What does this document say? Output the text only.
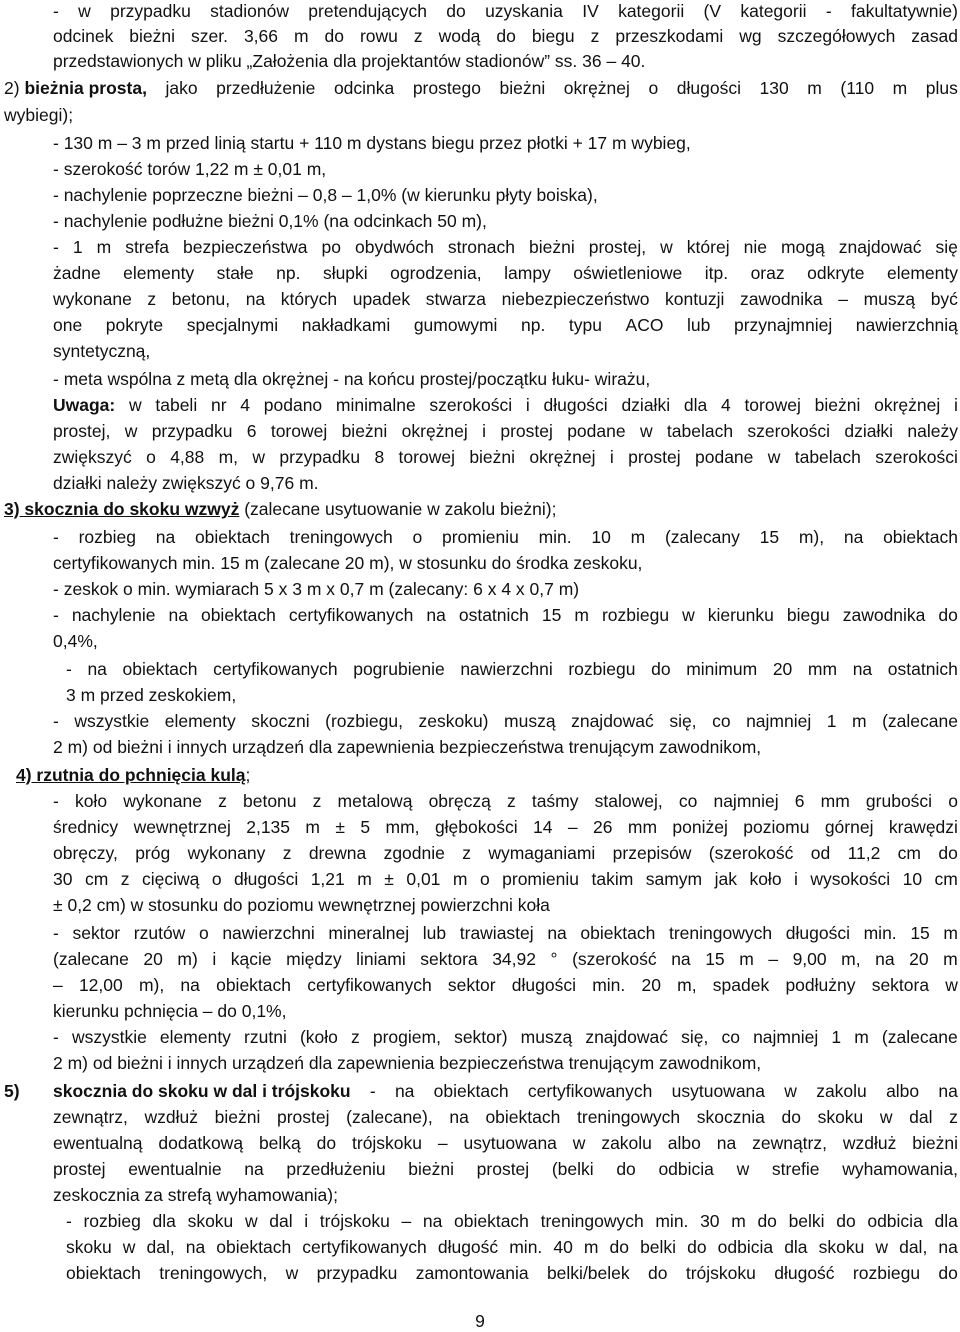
- w przypadku stadionów pretendujących do uzyskania IV kategorii (V kategorii - fakultatywnie)
odcinek bieżni szer. 3,66 m do rowu z wodą do biegu z przeszkodami wg szczegółowych zasad
przedstawionych w pliku „Założenia dla projektantów stadionów” ss. 36 – 40.
2) bieżnia prosta, jako przedłużenie odcinka prostego bieżni okrężnej o długości 130 m (110 m plus
wybiegi);
- 130 m – 3 m przed linią startu + 110 m dystans biegu przez płotki + 17 m wybieg,
- szerokość torów 1,22 m ± 0,01 m,
- nachylenie poprzeczne bieżni – 0,8 – 1,0% (w kierunku płyty boiska),
- nachylenie podłużne bieżni 0,1% (na odcinkach 50 m),
- 1 m strefa bezpieczeństwa po obydwóch stronach bieżni prostej, w której nie mogą znajdować się
żadne elementy stałe np. słupki ogrodzenia, lampy oświetleniowe itp. oraz odkryte elementy
wykonane z betonu, na których upadek stwarza niebezpieczeństwo kontuzji zawodnika – muszą być
one pokryte specjalnymi nakładkami gumowymi np. typu ACO lub przynajmniej nawierzchnią
syntetyczną,
- meta wspólna z metą dla okrężnej - na końcu prostej/początku łuku- wirażu,
Uwaga: w tabeli nr 4 podano minimalne szerokości i długości działki dla 4 torowej bieżni okrężnej i
prostej, w przypadku 6 torowej bieżni okrężnej i prostej podane w tabelach szerokości działki należy
zwiększyć o 4,88 m, w przypadku 8 torowej bieżni okrężnej i prostej podane w tabelach szerokości
działki należy zwiększyć o 9,76 m.
3) skocznia do skoku wzwyż (zalecane usytuowanie w zakolu bieżni);
- rozbieg na obiektach treningowych o promieniu min. 10 m (zalecany 15 m), na obiektach
certyfikowanych min. 15 m (zalecane 20 m), w stosunku do środka zeskoku,
- zeskok o min. wymiarach 5 x 3 m x 0,7 m (zalecany: 6 x 4 x 0,7 m)
- nachylenie na obiektach certyfikowanych na ostatnich 15 m rozbiegu w kierunku biegu zawodnika do
0,4%,
- na obiektach certyfikowanych pogrubienie nawierzchni rozbiegu do minimum 20 mm na ostatnich
3 m przed zeskokiem,
- wszystkie elementy skoczni (rozbiegu, zeskoku) muszą znajdować się, co najmniej 1 m (zalecane
2 m) od bieżni i innych urządzeń dla zapewnienia bezpieczeństwa trenującym zawodnikom,
4) rzutnia do pchnięcia kulą;
- koło wykonane z betonu z metalową obręczą z taśmy stalowej, co najmniej 6 mm grubości o
średnicy wewnętrznej 2,135 m ± 5 mm, głębokości 14 – 26 mm poniżej poziomu górnej krawędzi
obręczy, próg wykonany z drewna zgodnie z wymaganiami przepisów (szerokość od 11,2 cm do
30 cm z cięciwą o długości 1,21 m ± 0,01 m o promieniu takim samym jak koło i wysokości 10 cm
± 0,2 cm) w stosunku do poziomu wewnętrznej powierzchni koła
- sektor rzutów o nawierzchni mineralnej lub trawiastej na obiektach treningowych długości min. 15 m
(zalecane 20 m) i kącie między liniami sektora 34,92 ° (szerokość na 15 m – 9,00 m, na 20 m
– 12,00 m), na obiektach certyfikowanych sektor długości min. 20 m, spadek podłużny sektora w
kierunku pchnięcia – do 0,1%,
- wszystkie elementy rzutni (koło z progiem, sektor) muszą znajdować się, co najmniej 1 m (zalecane
2 m) od bieżni i innych urządzeń dla zapewnienia bezpieczeństwa trenującym zawodnikom,
5) skocznia do skoku w dal i trójskoku - na obiektach certyfikowanych usytuowana w zakolu albo na
zewnątrz, wzdłuż bieżni prostej (zalecane), na obiektach treningowych skocznia do skoku w dal z
ewentualną dodatkową belką do trójskoku – usytuowana w zakolu albo na zewnątrz, wzdłuż bieżni
prostej ewentualnie na przedłużeniu bieżni prostej (belki do odbicia w strefie wyhamowania,
zeskocznia za strefą wyhamowania);
- rozbieg dla skoku w dal i trójskoku – na obiektach treningowych min. 30 m do belki do odbicia dla
skoku w dal, na obiektach certyfikowanych długość min. 40 m do belki do odbicia dla skoku w dal, na
obiektach treningowych, w przypadku zamontowania belki/belek do trójskoku długość rozbiegu do
9
